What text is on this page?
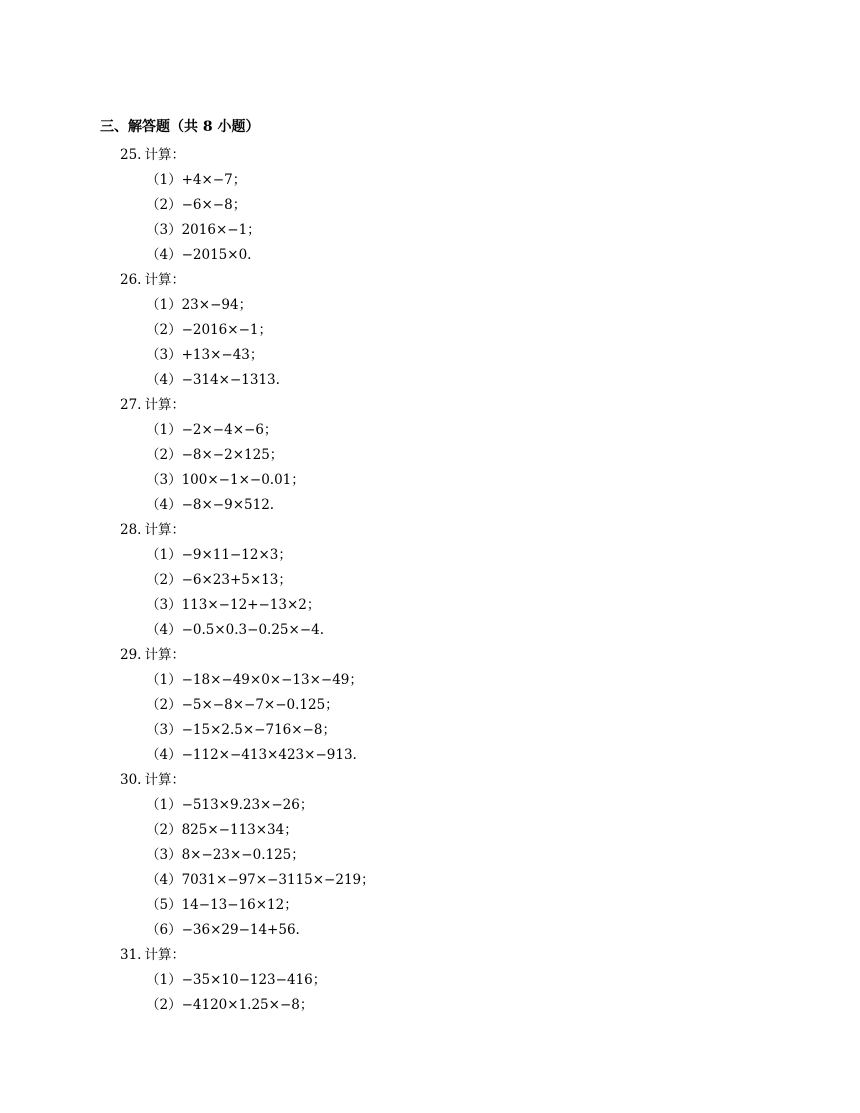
三、解答题（共 8 小题）
25. 计算：
（1）+4×−7；
（2）−6×−8；
（3）2016×−1；
（4）−2015×0.
26. 计算：
（1）23×−94；
（2）−2016×−1；
（3）+13×−43；
（4）−314×−1313.
27. 计算：
（1）−2×−4×−6；
（2）−8×−2×125；
（3）100×−1×−0.01；
（4）−8×−9×512.
28. 计算：
（1）−9×11−12×3；
（2）−6×23+5×13；
（3）113×−12+−13×2；
（4）−0.5×0.3−0.25×−4.
29. 计算：
（1）−18×−49×0×−13×−49；
（2）−5×−8×−7×−0.125；
（3）−15×2.5×−716×−8；
（4）−112×−413×423×−913.
30. 计算：
（1）−513×9.23×−26；
（2）825×−113×34；
（3）8×−23×−0.125；
（4）7031×−97×−3115×−219；
（5）14−13−16×12；
（6）−36×29−14+56.
31. 计算：
（1）−35×10−123−416；
（2）−4120×1.25×−8；
